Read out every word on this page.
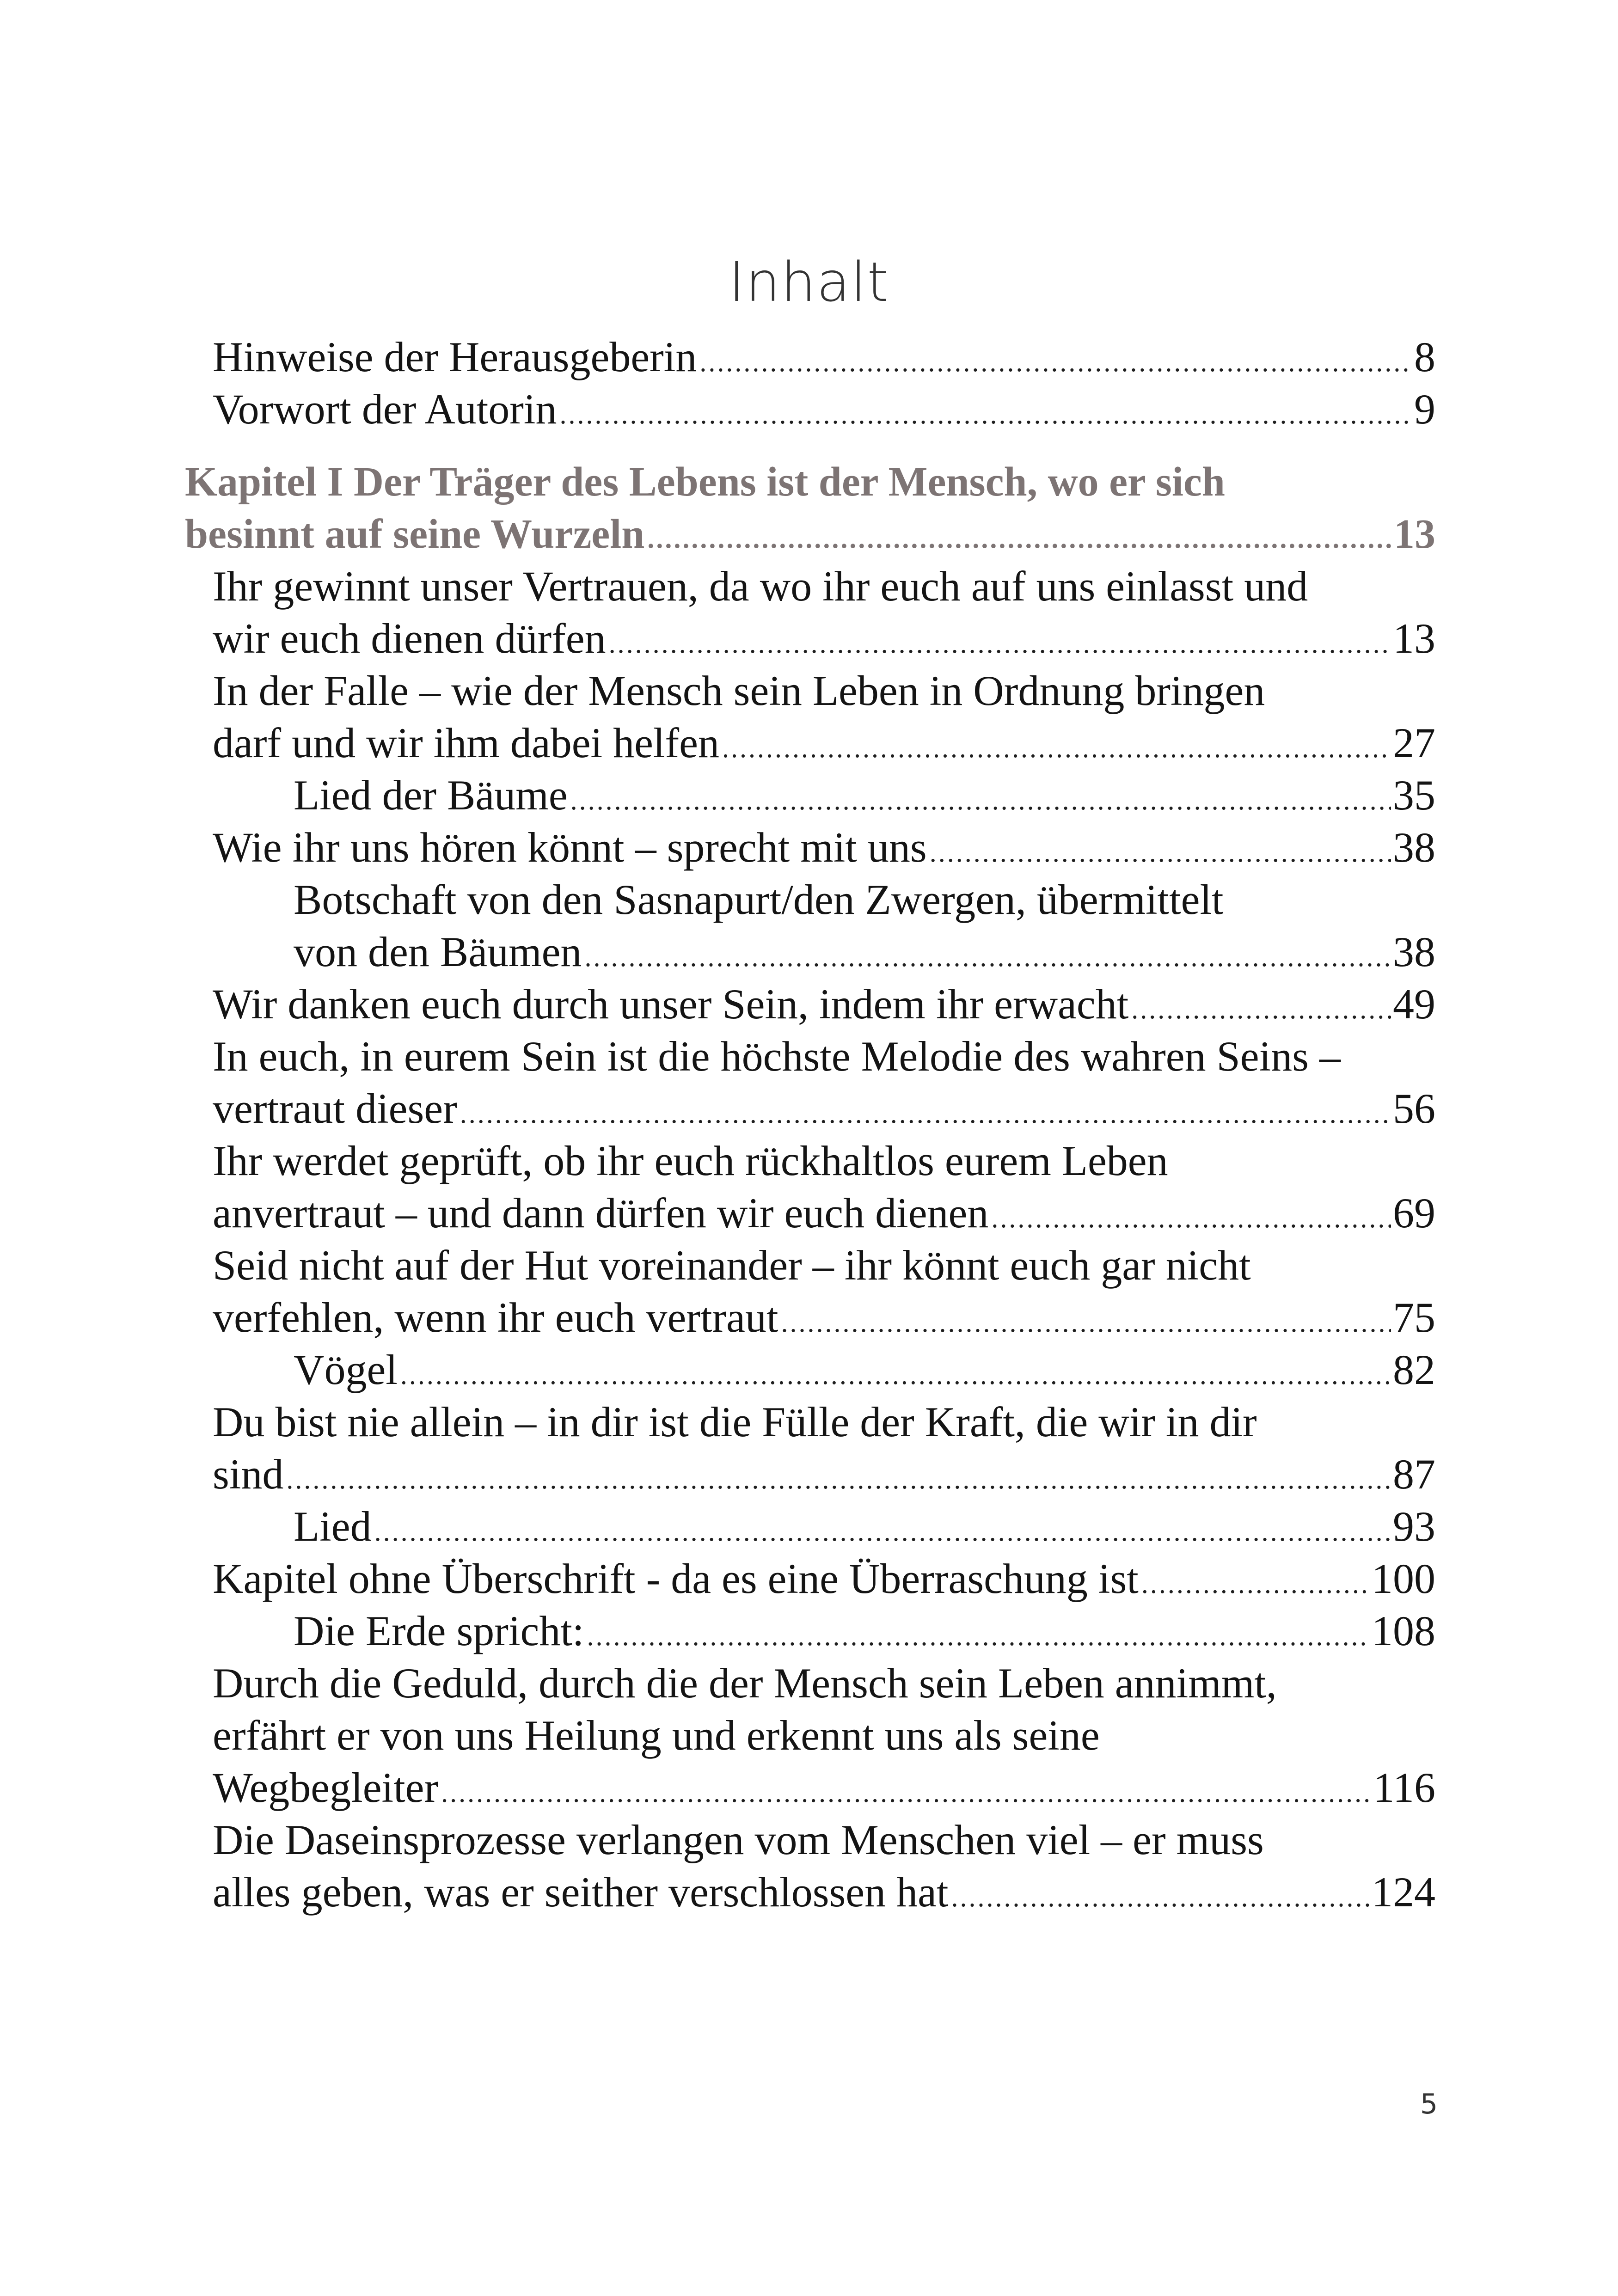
Inhalt
Hinweise der Herausgeberin .....	8
Vorwort der Autorin .....	9
Kapitel I Der Träger des Lebens ist der Mensch, wo er sich
besinnt auf seine Wurzeln .....	13
Ihr gewinnt unser Vertrauen, da wo ihr euch auf uns einlasst und
wir euch dienen dürfen .....	13
In der Falle – wie der Mensch sein Leben in Ordnung bringen
darf und wir ihm dabei helfen .....	27
Lied der Bäume .....	35
Wie ihr uns hören könnt – sprecht mit uns .....	38
Botschaft von den Sasnapurt/den Zwergen, übermittelt
von den Bäumen .....	38
Wir danken euch durch unser Sein, indem ihr erwacht .....	49
In euch, in eurem Sein ist die höchste Melodie des wahren Seins –
vertraut dieser .....	56
Ihr werdet geprüft, ob ihr euch rückhaltlos eurem Leben
anvertraut – und dann dürfen wir euch dienen .....	69
Seid nicht auf der Hut voreinander – ihr könnt euch gar nicht
verfehlen, wenn ihr euch vertraut .....	75
Vögel .....	82
Du bist nie allein – in dir ist die Fülle der Kraft, die wir in dir
sind .....	87
Lied .....	93
Kapitel ohne Überschrift - da es eine Überraschung ist .....	100
Die Erde spricht: .....	108
Durch die Geduld, durch die der Mensch sein Leben annimmt,
erfährt er von uns Heilung und erkennt uns als seine
Wegbegleiter .....	116
Die Daseinsprozesse verlangen vom Menschen viel – er muss
alles geben, was er seither verschlossen hat .....	124
5
